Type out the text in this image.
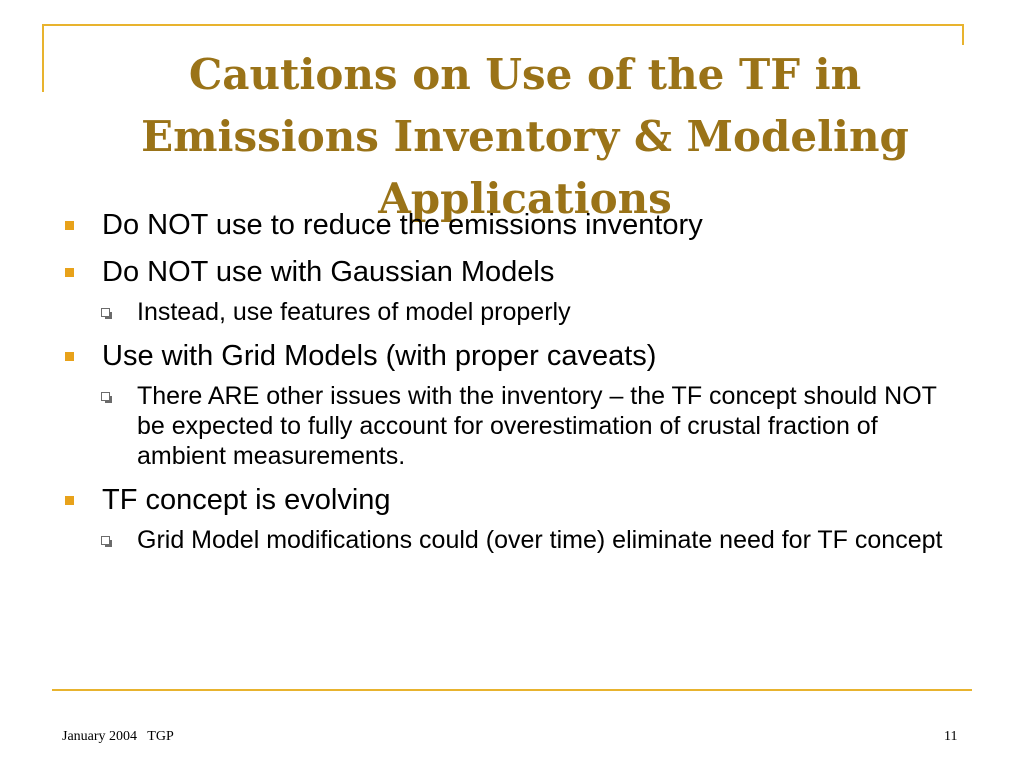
Cautions on Use of the TF in
Emissions Inventory & Modeling
Applications
Do NOT use to reduce the emissions inventory
Do NOT use with Gaussian Models
Instead, use features of model properly
Use with Grid Models (with proper caveats)
There ARE other issues with the inventory – the TF concept should NOT be expected to fully account for overestimation of crustal fraction of ambient measurements.
TF concept is evolving
Grid Model modifications could (over time) eliminate need for TF concept
January 2004   TGP	11
